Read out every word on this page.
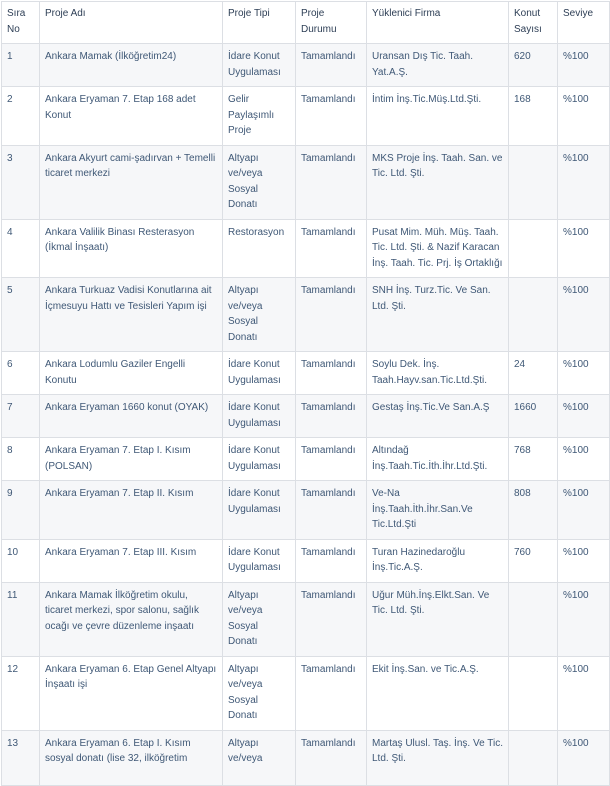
Sıra No	Proje Adı	Proje Tipi	Proje Durumu	Yüklenici Firma	Konut Sayısı	Seviye
1	Ankara Mamak (İlköğretim24)	İdare Konut Uygulaması	Tamamlandı	Uransan Dış Tic. Taah. Yat.A.Ş.	620	%100
2	Ankara Eryaman 7. Etap 168 adet Konut	Gelir Paylaşımlı Proje	Tamamlandı	İntim İnş.Tic.Müş.Ltd.Şti.	168	%100
3	Ankara Akyurt cami-şadırvan + Temelli ticaret merkezi	Altyapı ve/veya Sosyal Donatı	Tamamlandı	MKS Proje İnş. Taah. San. ve Tic. Ltd. Şti.		%100
4	Ankara Valilik Binası Resterasyon (İkmal İnşaatı)	Restorasyon	Tamamlandı	Pusat Mim. Müh. Müş. Taah. Tic. Ltd. Şti. & Nazif Karacan İnş. Taah. Tic. Prj. İş Ortaklığı		%100
5	Ankara Turkuaz Vadisi Konutlarına ait İçmesuyu Hattı ve Tesisleri Yapım işi	Altyapı ve/veya Sosyal Donatı	Tamamlandı	SNH İnş. Turz.Tic. Ve San. Ltd. Şti.		%100
6	Ankara Lodumlu Gaziler Engelli Konutu	İdare Konut Uygulaması	Tamamlandı	Soylu Dek. İnş. Taah.Hayv.san.Tic.Ltd.Şti.	24	%100
7	Ankara Eryaman 1660 konut (OYAK)	İdare Konut Uygulaması	Tamamlandı	Gestaş İnş.Tic.Ve San.A.Ş	1660	%100
8	Ankara Eryaman 7. Etap I. Kısım (POLSAN)	İdare Konut Uygulaması	Tamamlandı	Altındağ İnş.Taah.Tic.İth.İhr.Ltd.Şti.	768	%100
9	Ankara Eryaman 7. Etap II. Kısım	İdare Konut Uygulaması	Tamamlandı	Ve-Na İnş.Taah.İth.İhr.San.Ve Tic.Ltd.Şti	808	%100
10	Ankara Eryaman 7. Etap III. Kısım	İdare Konut Uygulaması	Tamamlandı	Turan Hazinedaroğlu İnş.Tic.A.Ş.	760	%100
11	Ankara Mamak İlköğretim okulu, ticaret merkezi, spor salonu, sağlık ocağı ve çevre düzenleme inşaatı	Altyapı ve/veya Sosyal Donatı	Tamamlandı	Uğur Müh.İnş.Elkt.San. Ve Tic. Ltd. Şti.		%100
12	Ankara Eryaman 6. Etap Genel Altyapı İnşaatı işi	Altyapı ve/veya Sosyal Donatı	Tamamlandı	Ekit İnş.San. ve Tic.A.Ş.		%100
13	Ankara Eryaman 6. Etap I. Kısım sosyal donatı (lise 32, ilköğretim	Altyapı ve/veya	Tamamlandı	Martaş Ulusl. Taş. İnş. Ve Tic. Ltd. Şti.		%100
